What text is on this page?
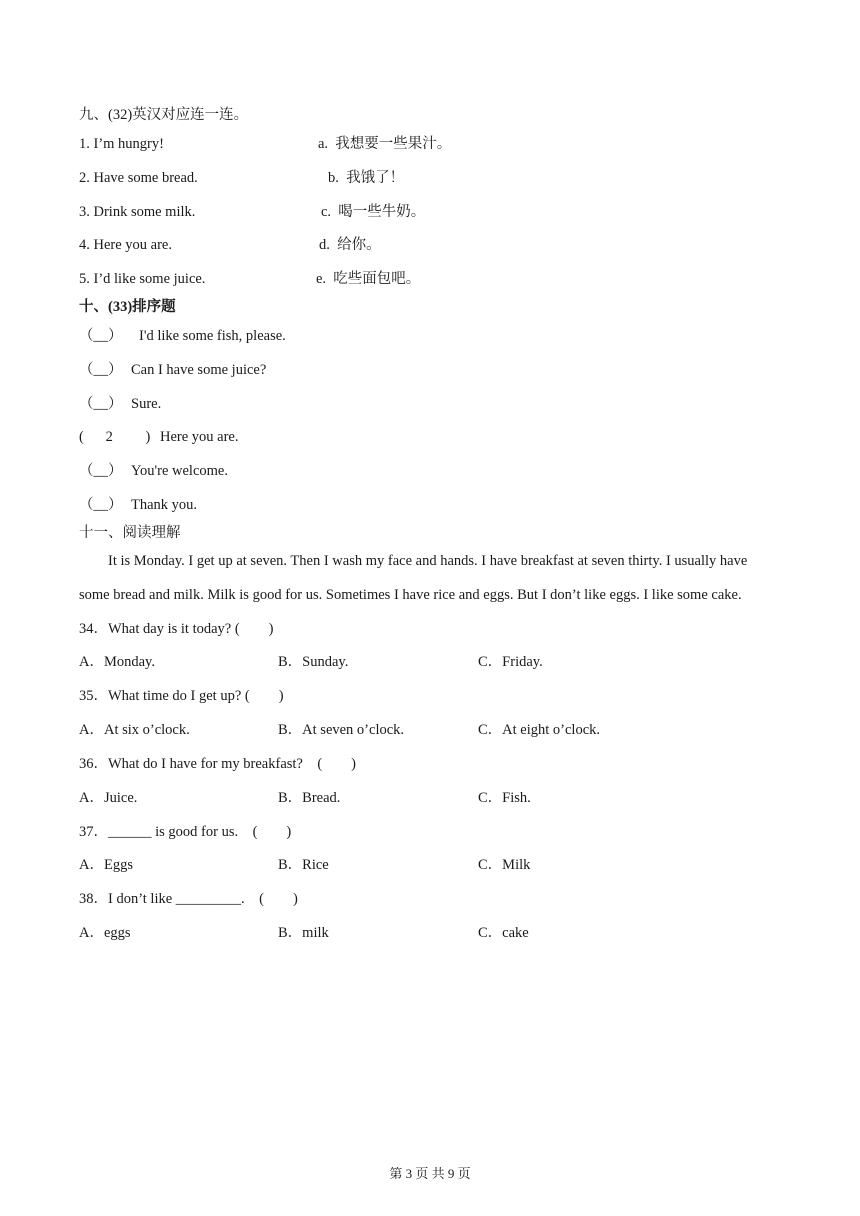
九、(32)英汉对应连一连。
1. I’m hungry!	a.  我想要一些果汁。
2. Have some bread.	b.  我饿了！
3. Drink some milk.	c.  喝一些牛奶。
4. Here you are.	d.  给你。
5. I’d like some juice.	e.  吃些面包吧。
十、(33)排序题
（__） I'd like some fish, please.
（__） Can I have some juice?
（__） Sure.
(      2         ) Here you are.
（__） You're welcome.
（__） Thank you.
十一、阅读理解
It is Monday. I get up at seven. Then I wash my face and hands. I have breakfast at seven thirty. I usually have
some bread and milk. Milk is good for us. Sometimes I have rice and eggs. But I don’t like eggs. I like some cake.
34．What day is it today? (        )
A．Monday.	B．Sunday.	C．Friday.
35．What time do I get up? (        )
A．At six o’clock.	B．At seven o’clock.	C．At eight o’clock.
36．What do I have for my breakfast?    (        )
A．Juice.	B．Bread.	C．Fish.
37．______ is good for us.    (        )
A．Eggs	B．Rice	C．Milk
38．I don’t like _________.    (        )
A．eggs	B．milk	C．cake
第 3 页 共 9 页
